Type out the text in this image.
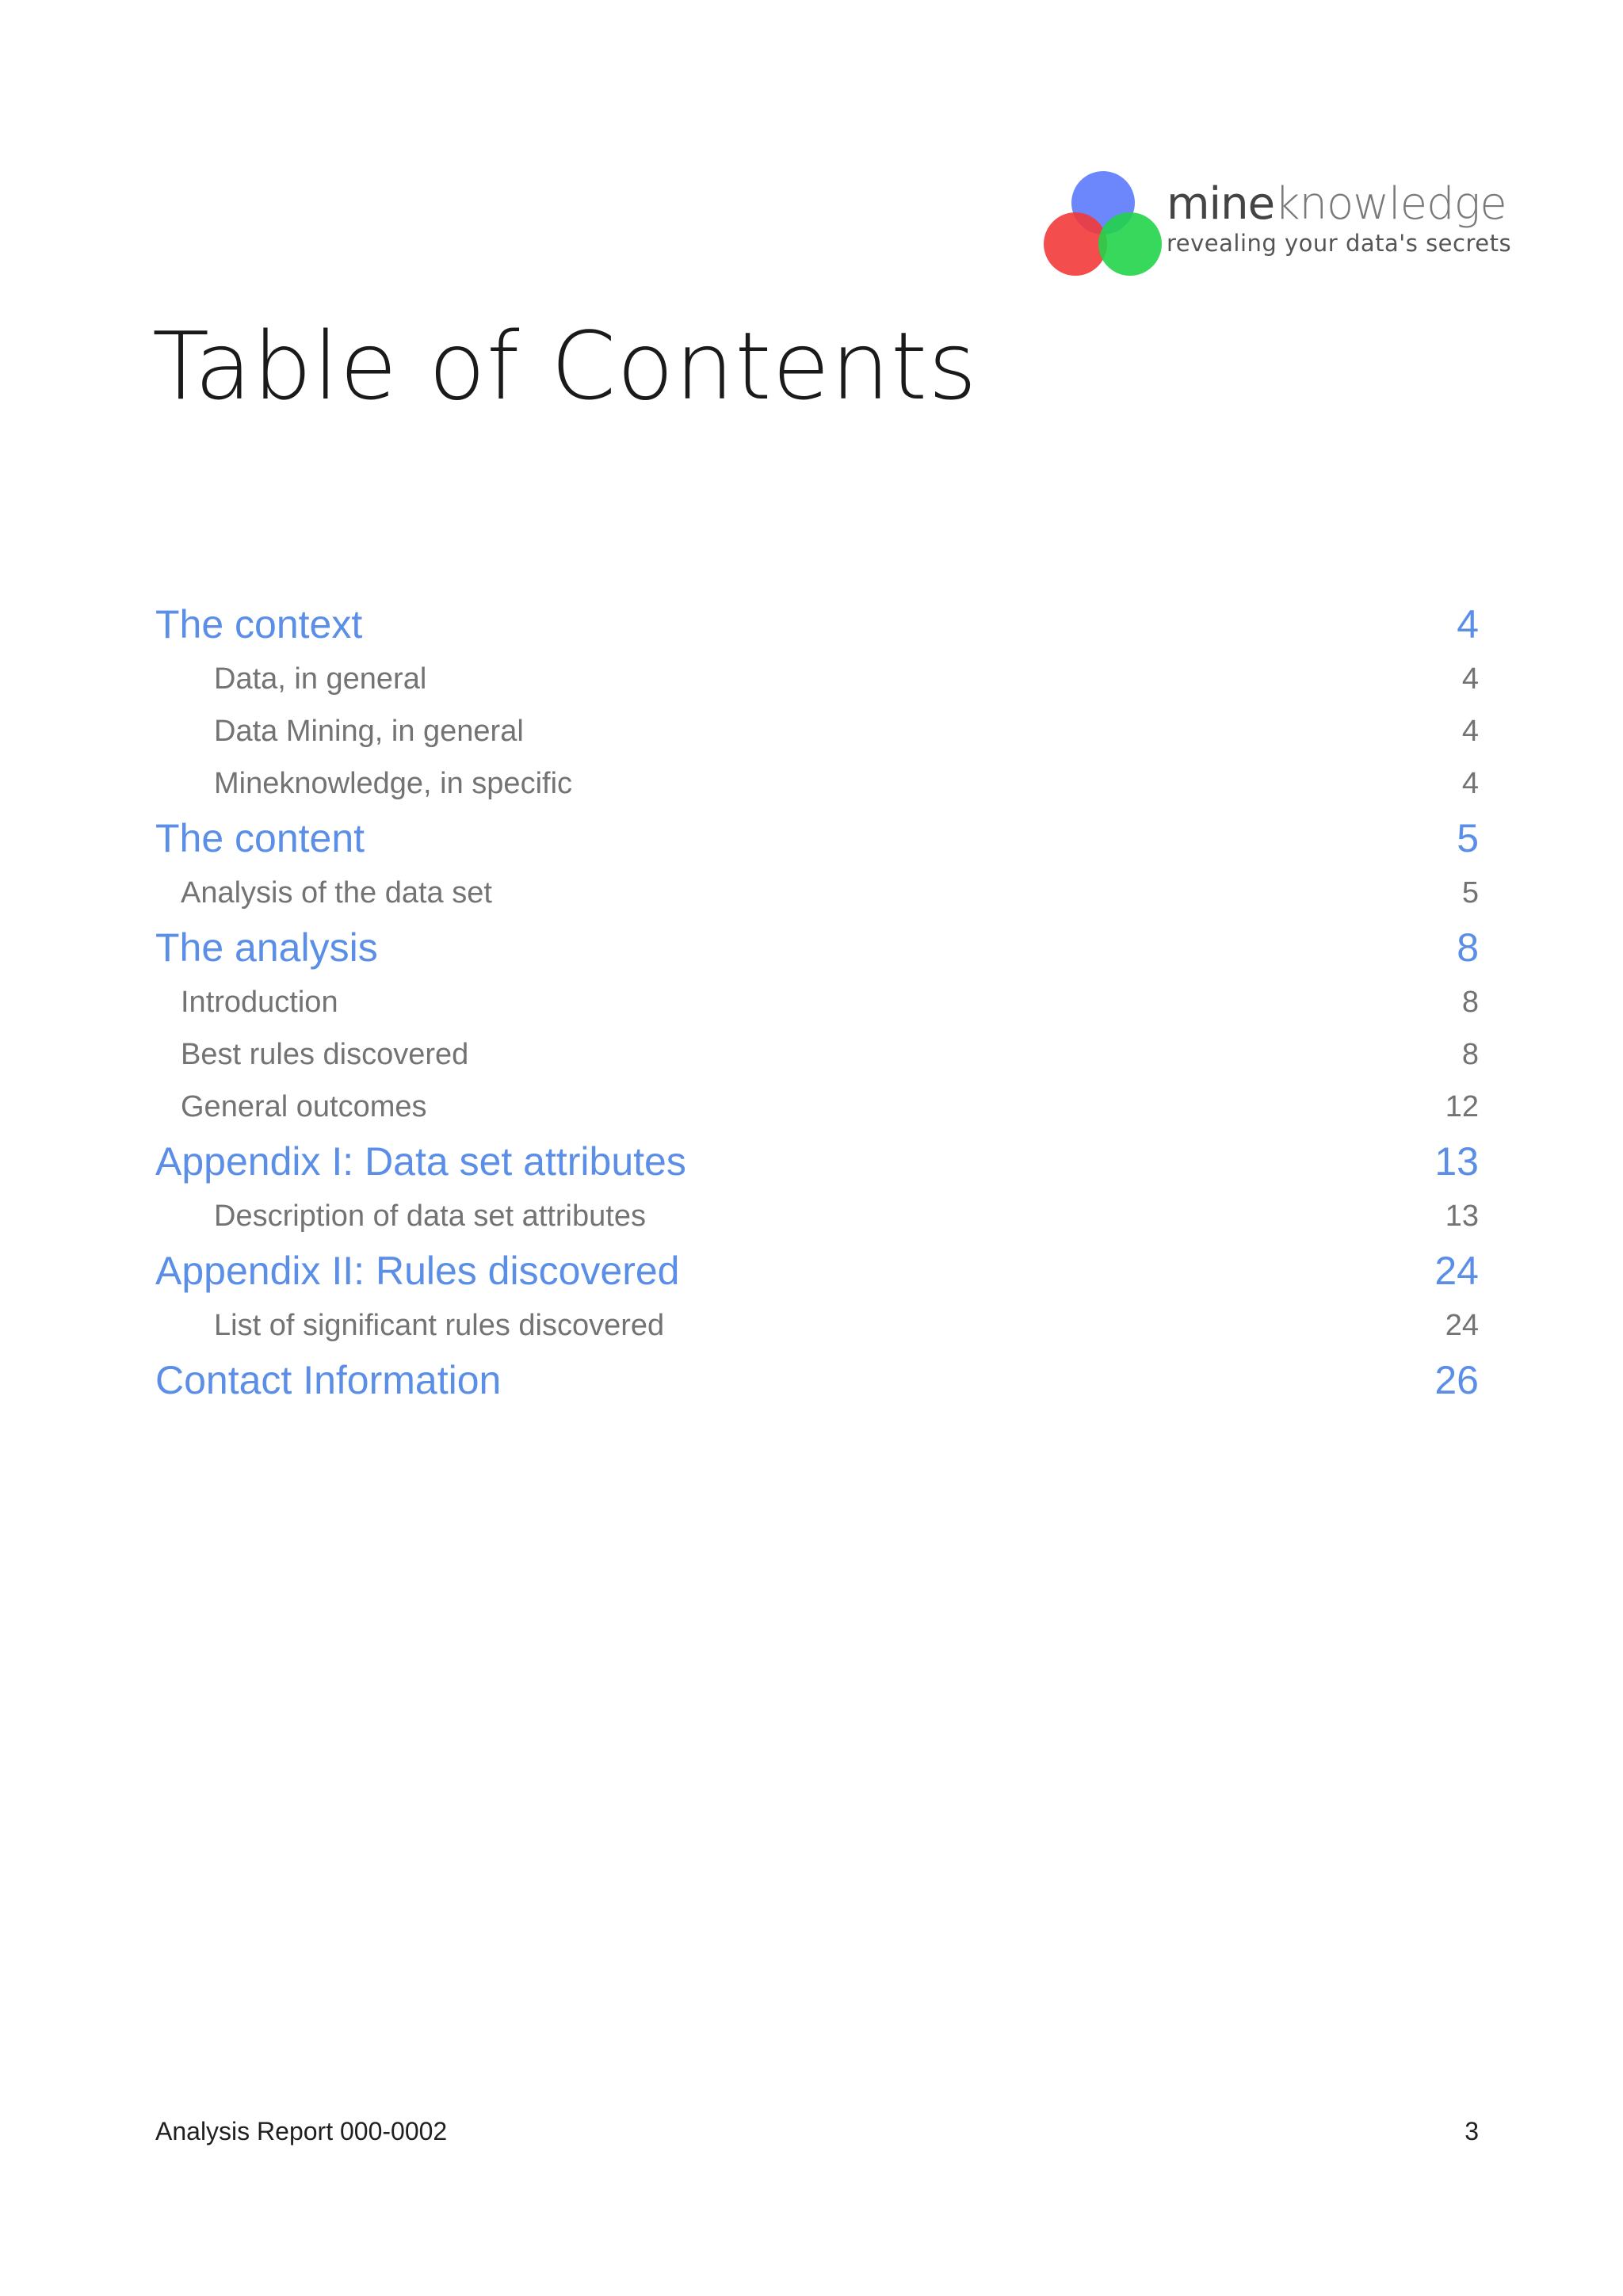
mineknowledge
revealing your data's secrets
Table of Contents
The context	4
Data, in general	4
Data Mining, in general	4
Mineknowledge, in specific	4
The content	5
Analysis of the data set	5
The analysis	8
Introduction	8
Best rules discovered	8
General outcomes	12
Appendix I: Data set attributes	13
Description of data set attributes	13
Appendix II: Rules discovered	24
List of significant rules discovered	24
Contact Information	26
Analysis Report 000-0002	3
